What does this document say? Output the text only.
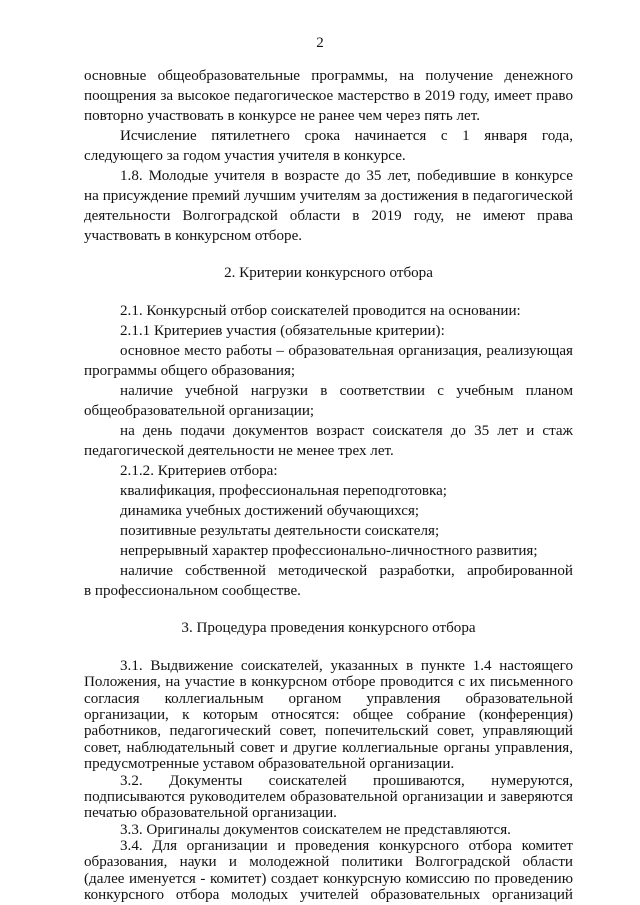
2
основные общеобразовательные программы, на получение денежного
поощрения за высокое педагогическое мастерство в 2019 году, имеет право
повторно участвовать в конкурсе не ранее чем через пять лет.
Исчисление пятилетнего срока начинается с 1 января года,
следующего за годом участия учителя в конкурсе.
1.8. Молодые учителя в возрасте до 35 лет, победившие в конкурсе
на присуждение премий лучшим учителям за достижения в педагогической
деятельности Волгоградской области в 2019 году, не имеют права
участвовать в конкурсном отборе.
2. Критерии конкурсного отбора
2.1. Конкурсный отбор соискателей проводится на основании:
2.1.1 Критериев участия (обязательные критерии):
основное место работы – образовательная организация, реализующая
программы общего образования;
наличие учебной нагрузки в соответствии с учебным планом
общеобразовательной организации;
на день подачи документов возраст соискателя до 35 лет и стаж
педагогической деятельности не менее трех лет.
2.1.2. Критериев отбора:
квалификация, профессиональная переподготовка;
динамика учебных достижений обучающихся;
позитивные результаты деятельности соискателя;
непрерывный характер профессионально-личностного развития;
наличие собственной методической разработки, апробированной
в профессиональном сообществе.
3. Процедура проведения конкурсного отбора
3.1. Выдвижение соискателей, указанных в пункте 1.4 настоящего
Положения, на участие в конкурсном отборе проводится с их письменного
согласия коллегиальным органом управления образовательной
организации, к которым относятся: общее собрание (конференция)
работников, педагогический совет, попечительский совет, управляющий
совет, наблюдательный совет и другие коллегиальные органы управления,
предусмотренные уставом образовательной организации.
3.2. Документы соискателей прошиваются, нумеруются,
подписываются руководителем образовательной организации и заверяются
печатью образовательной организации.
3.3. Оригиналы документов соискателем не представляются.
3.4. Для организации и проведения конкурсного отбора комитет
образования, науки и молодежной политики Волгоградской области
(далее именуется - комитет) создает конкурсную комиссию по проведению
конкурсного отбора молодых учителей образовательных организаций
